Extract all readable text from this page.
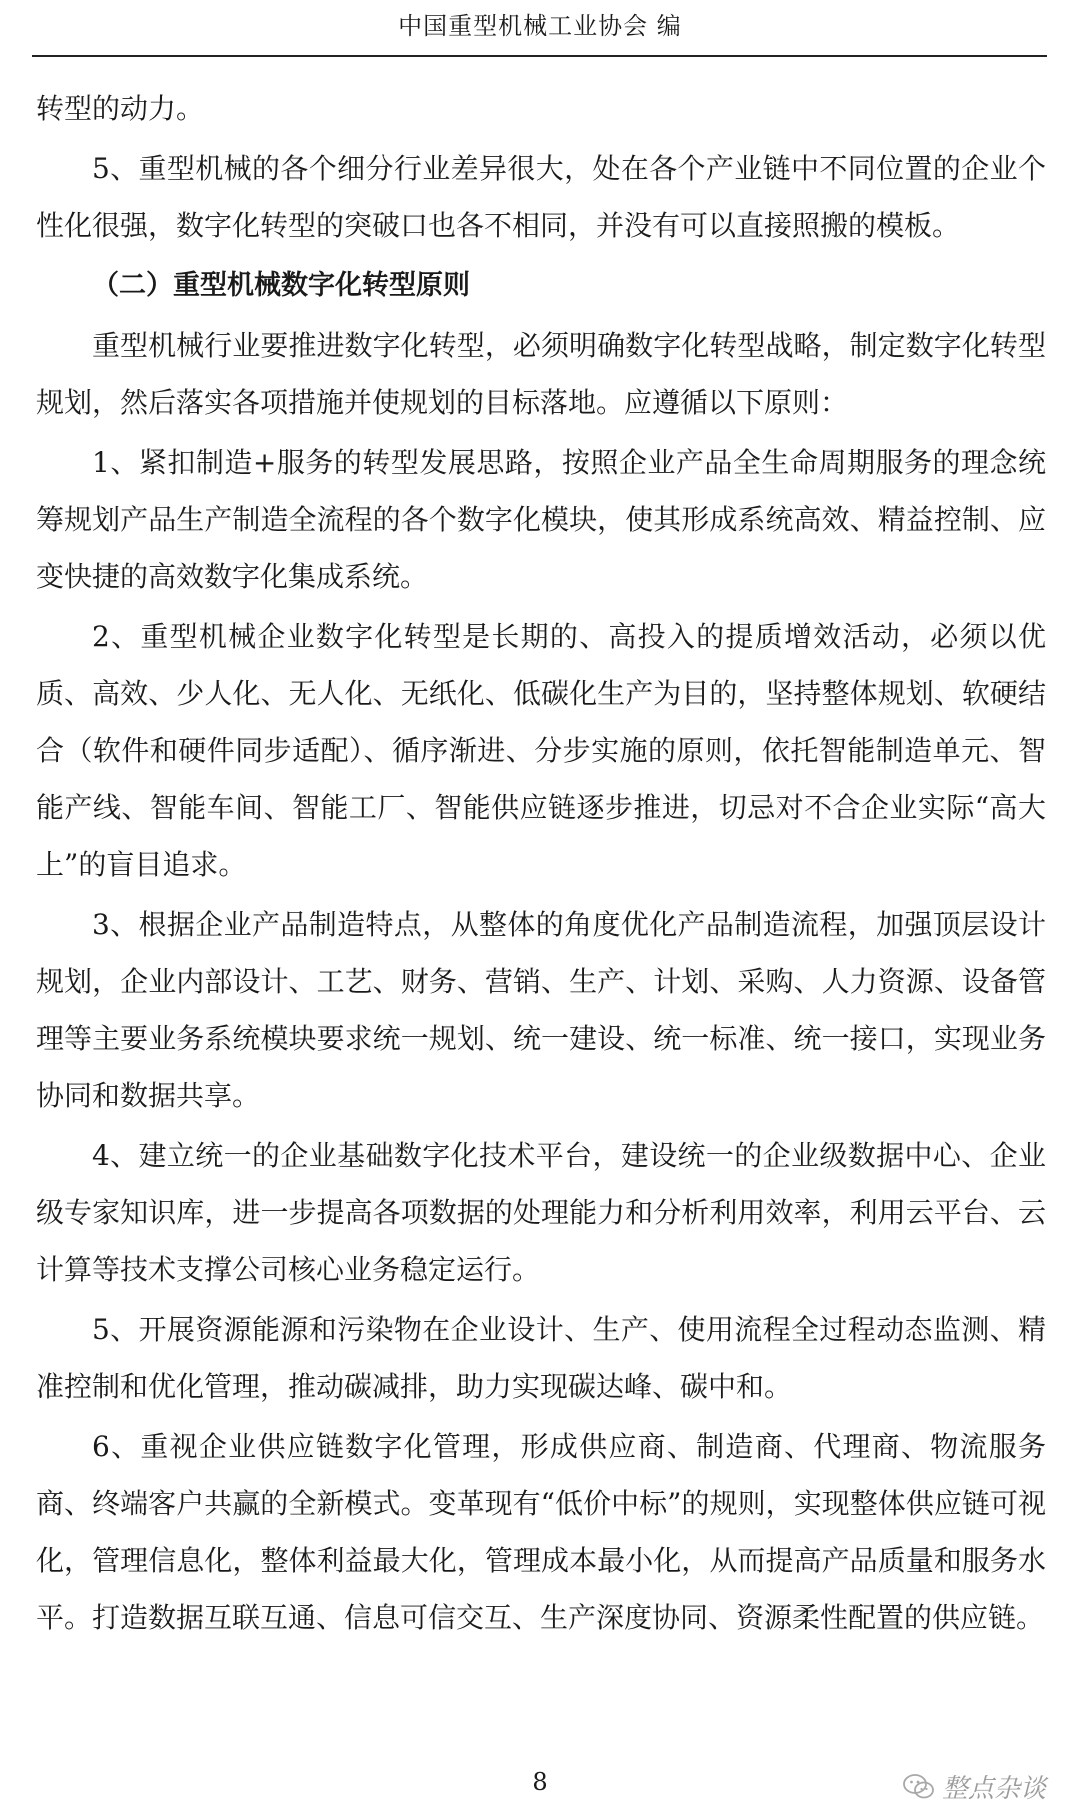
中国重型机械工业协会 编

转型的动力。

5、重型机械的各个细分行业差异很大，处在各个产业链中不同位置的企业个性化很强，数字化转型的突破口也各不相同，并没有可以直接照搬的模板。

（二）重型机械数字化转型原则

重型机械行业要推进数字化转型，必须明确数字化转型战略，制定数字化转型规划，然后落实各项措施并使规划的目标落地。应遵循以下原则：

1、紧扣制造+服务的转型发展思路，按照企业产品全生命周期服务的理念统筹规划产品生产制造全流程的各个数字化模块，使其形成系统高效、精益控制、应变快捷的高效数字化集成系统。

2、重型机械企业数字化转型是长期的、高投入的提质增效活动，必须以优质、高效、少人化、无人化、无纸化、低碳化生产为目的，坚持整体规划、软硬结合（软件和硬件同步适配）、循序渐进、分步实施的原则，依托智能制造单元、智能产线、智能车间、智能工厂、智能供应链逐步推进，切忌对不合企业实际“高大上”的盲目追求。

3、根据企业产品制造特点，从整体的角度优化产品制造流程，加强顶层设计规划，企业内部设计、工艺、财务、营销、生产、计划、采购、人力资源、设备管理等主要业务系统模块要求统一规划、统一建设、统一标准、统一接口，实现业务协同和数据共享。

4、建立统一的企业基础数字化技术平台，建设统一的企业级数据中心、企业级专家知识库，进一步提高各项数据的处理能力和分析利用效率，利用云平台、云计算等技术支撑公司核心业务稳定运行。

5、开展资源能源和污染物在企业设计、生产、使用流程全过程动态监测、精准控制和优化管理，推动碳减排，助力实现碳达峰、碳中和。

6、重视企业供应链数字化管理，形成供应商、制造商、代理商、物流服务商、终端客户共赢的全新模式。变革现有“低价中标”的规则，实现整体供应链可视化，管理信息化，整体利益最大化，管理成本最小化，从而提高产品质量和服务水平。打造数据互联互通、信息可信交互、生产深度协同、资源柔性配置的供应链。

8	整点杂谈
